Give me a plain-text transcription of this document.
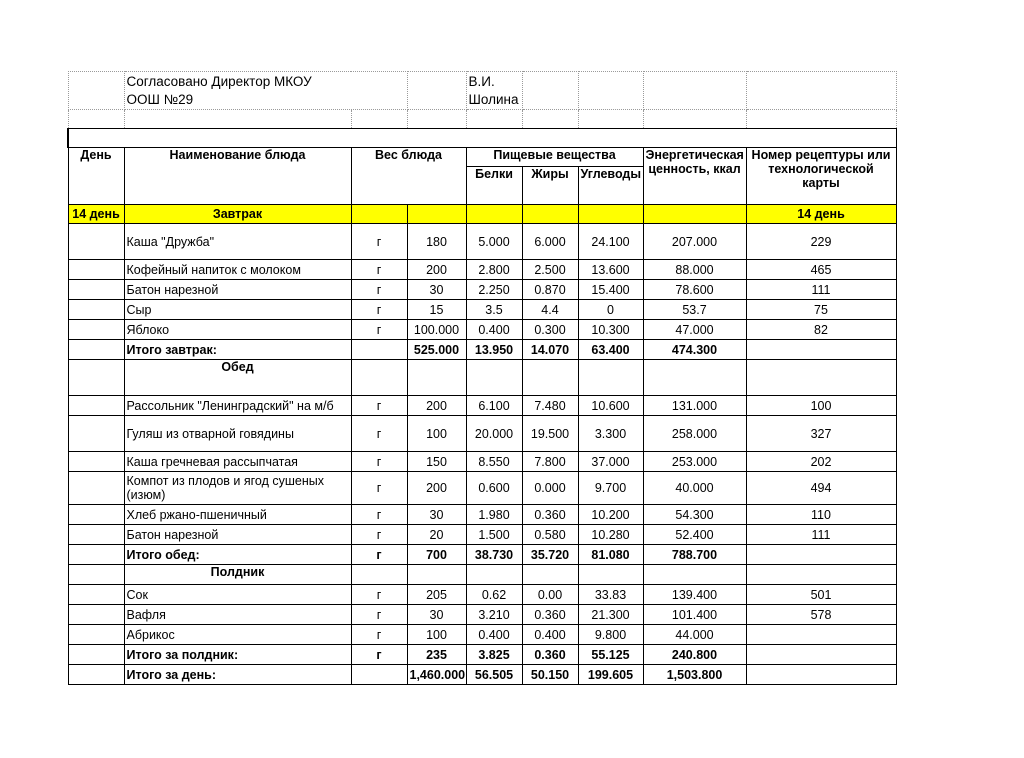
	Согласовано Директор МКОУ
ООШ №29			В.И.
Шолина				

День	Наименование блюда	Вес блюда		Пищевые вещества			Энергетическая ценность, ккал	Номер рецептуры или технологической карты
				Белки	Жиры	Углеводы		
14 день	Завтрак							14 день
	Каша "Дружба"	г	180	5.000	6.000	24.100	207.000	229
	Кофейный напиток с молоком	г	200	2.800	2.500	13.600	88.000	465
	Батон нарезной	г	30	2.250	0.870	15.400	78.600	111
	Сыр	г	15	3.5	4.4	0	53.7	75
	Яблоко	г	100.000	0.400	0.300	10.300	47.000	82
	Итого завтрак:		525.000	13.950	14.070	63.400	474.300	
	Обед							
	Рассольник "Ленинградский" на м/б	г	200	6.100	7.480	10.600	131.000	100
	Гуляш из отварной говядины	г	100	20.000	19.500	3.300	258.000	327
	Каша гречневая рассыпчатая	г	150	8.550	7.800	37.000	253.000	202
	Компот из плодов и ягод сушеных (изюм)	г	200	0.600	0.000	9.700	40.000	494
	Хлеб ржано-пшеничный	г	30	1.980	0.360	10.200	54.300	110
	Батон нарезной	г	20	1.500	0.580	10.280	52.400	111
	Итого обед:	г	700	38.730	35.720	81.080	788.700	
	Полдник							
	Сок	г	205	0.62	0.00	33.83	139.400	501
	Вафля	г	30	3.210	0.360	21.300	101.400	578
	Абрикос	г	100	0.400	0.400	9.800	44.000	
	Итого за полдник:	г	235	3.825	0.360	55.125	240.800	
	Итого за день:		1,460.000	56.505	50.150	199.605	1,503.800	
